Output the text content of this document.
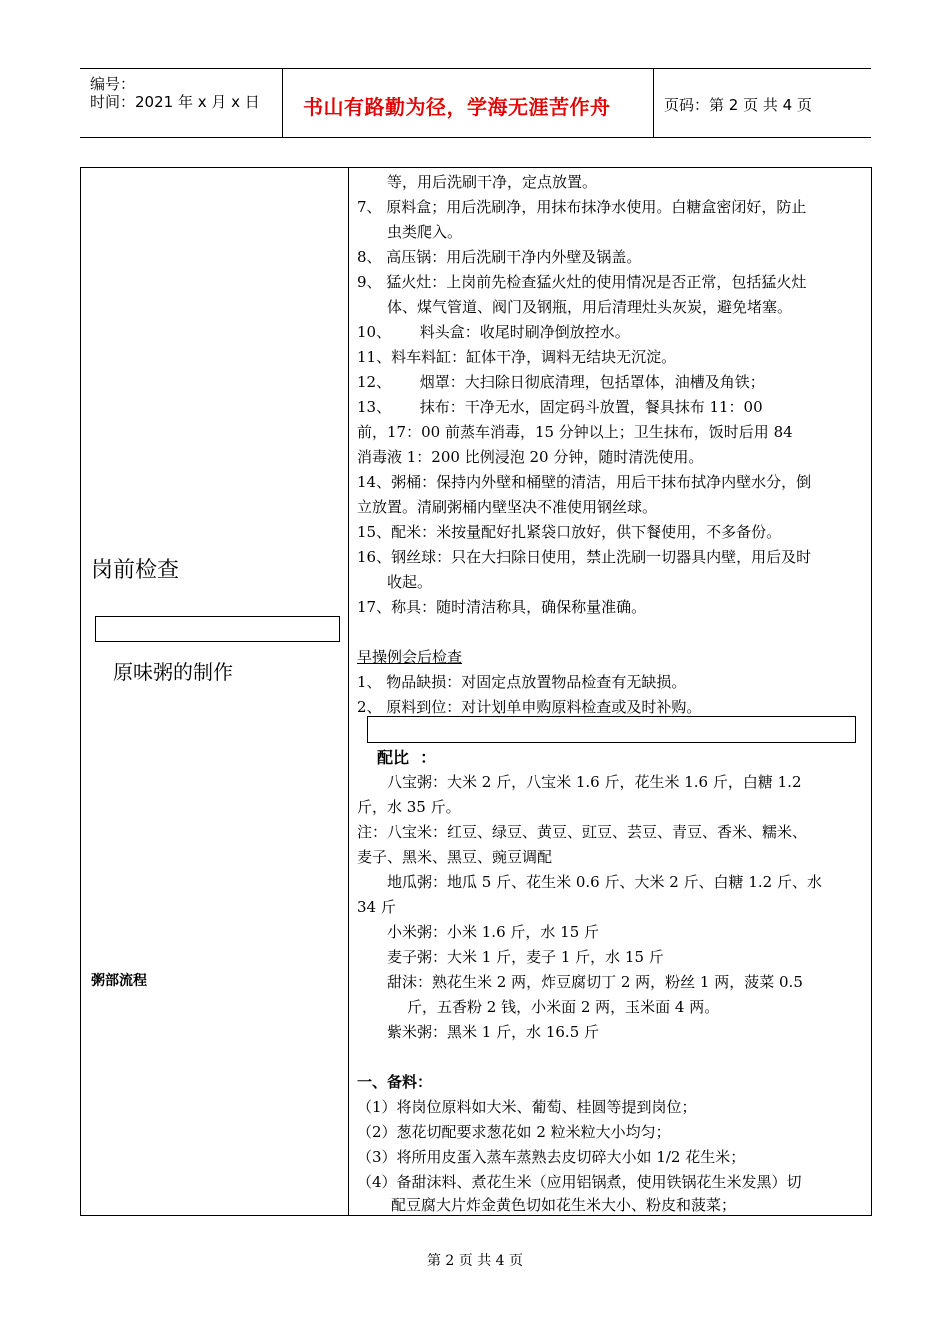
编号：
时间：2021 年 x 月 x 日 书山有路勤为径，学海无涯苦作舟	页码：第 2 页 共 4 页
岗前检查
原味粥的制作
粥部流程
等，用后洗刷干净，定点放置。
7、 原料盒；用后洗刷净，用抹布抹净水使用。白糖盒密闭好，防止
虫类爬入。
8、 高压锅：用后洗刷干净内外壁及锅盖。
9、 猛火灶：上岗前先检查猛火灶的使用情况是否正常，包括猛火灶
体、煤气管道、阀门及钢瓶，用后清理灶头灰炭，避免堵塞。
10、      料头盒：收尾时刷净倒放控水。
11、料车料缸：缸体干净，调料无结块无沉淀。
12、      烟罩：大扫除日彻底清理，包括罩体，油槽及角铁；
13、      抹布：干净无水，固定码斗放置，餐具抹布 11：00
前，17：00 前蒸车消毒，15 分钟以上；卫生抹布，饭时后用 84
消毒液 1：200 比例浸泡 20 分钟，随时清洗使用。
14、粥桶：保持内外壁和桶壁的清洁，用后干抹布拭净内壁水分，倒
立放置。清刷粥桶内壁坚决不准使用钢丝球。
15、配米：米按量配好扎紧袋口放好，供下餐使用，不多备份。
16、钢丝球：只在大扫除日使用，禁止洗刷一切器具内壁，用后及时
收起。
17、称具：随时清洁称具，确保称量准确。
早操例会后检查
1、 物品缺损：对固定点放置物品检查有无缺损。
2、 原料到位：对计划单申购原料检查或及时补购。
配比  ：
八宝粥：大米 2 斤，八宝米 1.6 斤，花生米 1.6 斤，白糖 1.2
斤，水 35 斤。
注：八宝米：红豆、绿豆、黄豆、豇豆、芸豆、青豆、香米、糯米、
麦子、黑米、黑豆、豌豆调配
地瓜粥：地瓜 5 斤、花生米 0.6 斤、大米 2 斤、白糖 1.2 斤、水
34 斤
小米粥：小米 1.6 斤，水 15 斤
麦子粥：大米 1 斤，麦子 1 斤，水 15 斤
甜沫：熟花生米 2 两，炸豆腐切丁 2 两，粉丝 1 两，菠菜 0.5
斤，五香粉 2 钱，小米面 2 两，玉米面 4 两。
紫米粥：黑米 1 斤，水 16.5 斤
一、备料：
（1）将岗位原料如大米、葡萄、桂圆等提到岗位；
（2）葱花切配要求葱花如 2 粒米粒大小均匀；
（3）将所用皮蛋入蒸车蒸熟去皮切碎大小如 1/2 花生米；
（4）备甜沫料、煮花生米（应用铝锅煮，使用铁锅花生米发黑）切
配豆腐大片炸金黄色切如花生米大小、粉皮和菠菜；
第 2 页 共 4 页
